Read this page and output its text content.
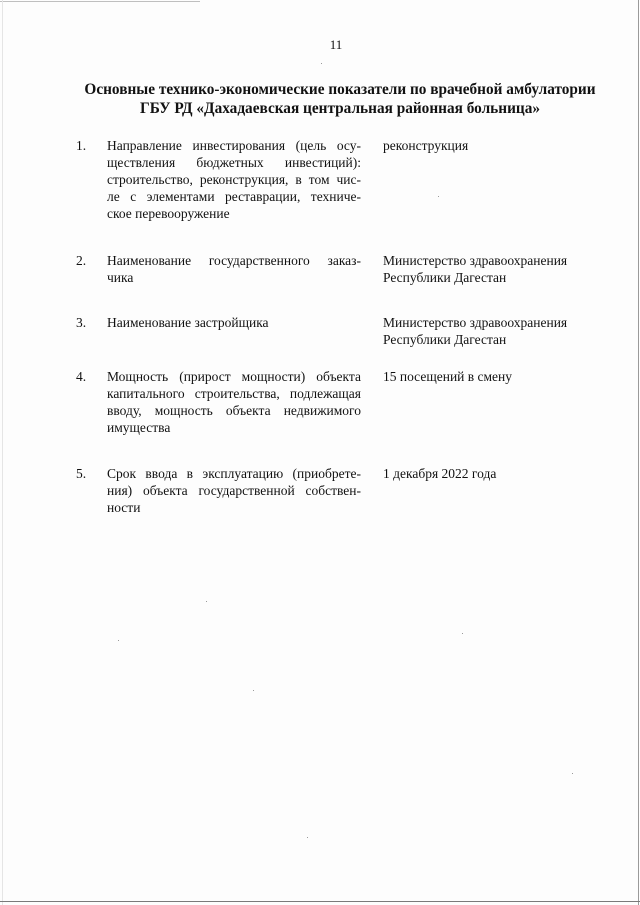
11
Основные технико-экономические показатели по врачебной амбулатории
ГБУ РД «Дахадаевская центральная районная больница»
1. Направление инвестирования (цель осу-
ществления бюджетных инвестиций):
строительство, реконструкция, в том чис-
ле с элементами реставрации, техниче-
ское перевооружение
реконструкция
2. Наименование государственного заказ-
чика
Министерство здравоохранения
Республики Дагестан
3. Наименование застройщика	Министерство здравоохранения
Республики Дагестан
4. Мощность (прирост мощности) объекта
капитального строительства, подлежащая
вводу, мощность объекта недвижимого
имущества
15 посещений в смену
5. Срок ввода в эксплуатацию (приобрете-
ния) объекта государственной собствен-
ности
1 декабря 2022 года
